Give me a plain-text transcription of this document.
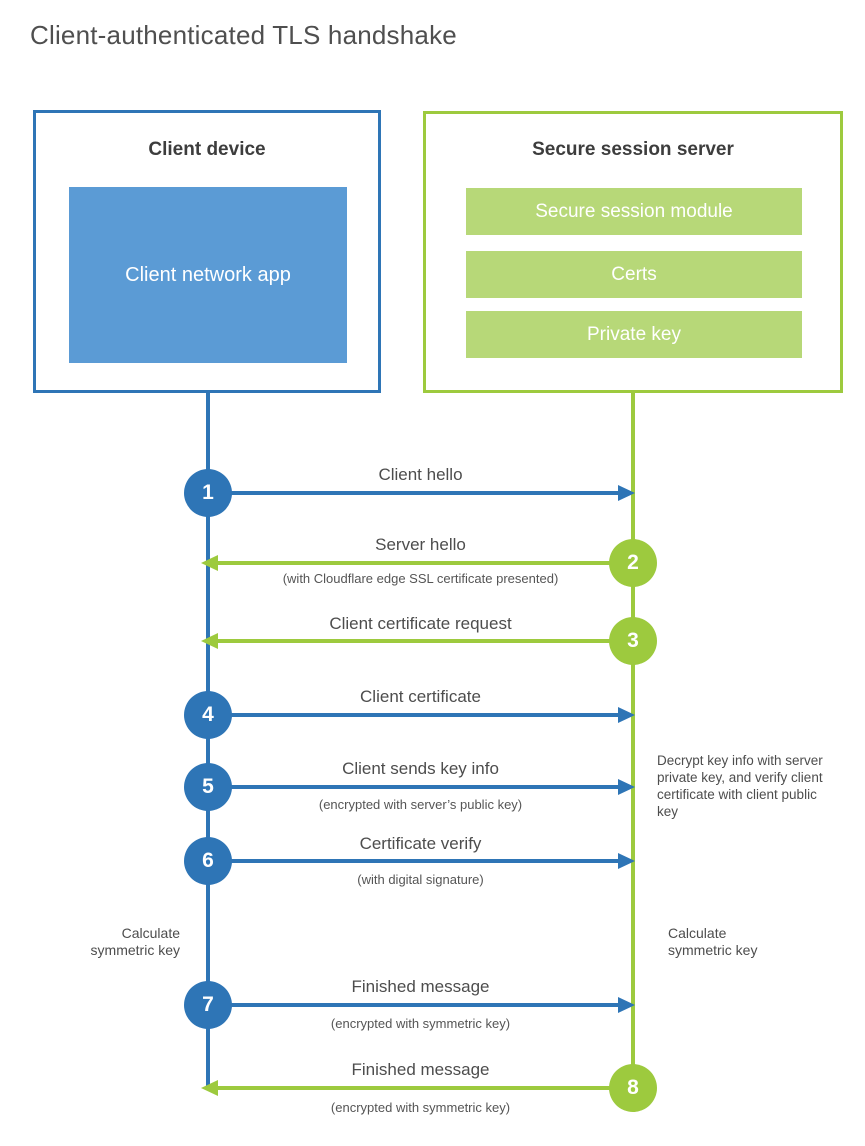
Client-authenticated TLS handshake
Client device
Client network app
Secure session server
Secure session module
Certs
Private key
Client hello
1
Server hello
(with Cloudflare edge SSL certificate presented)
2
Client certificate request
3
Client certificate
4
Client sends key info
(encrypted with server’s public key)
5
Certificate verify
(with digital signature)
6
Finished message
(encrypted with symmetric key)
7
Finished message
(encrypted with symmetric key)
8
Calculate symmetric key
Calculate symmetric key
Decrypt key info with server private key, and verify client certificate with client public key
